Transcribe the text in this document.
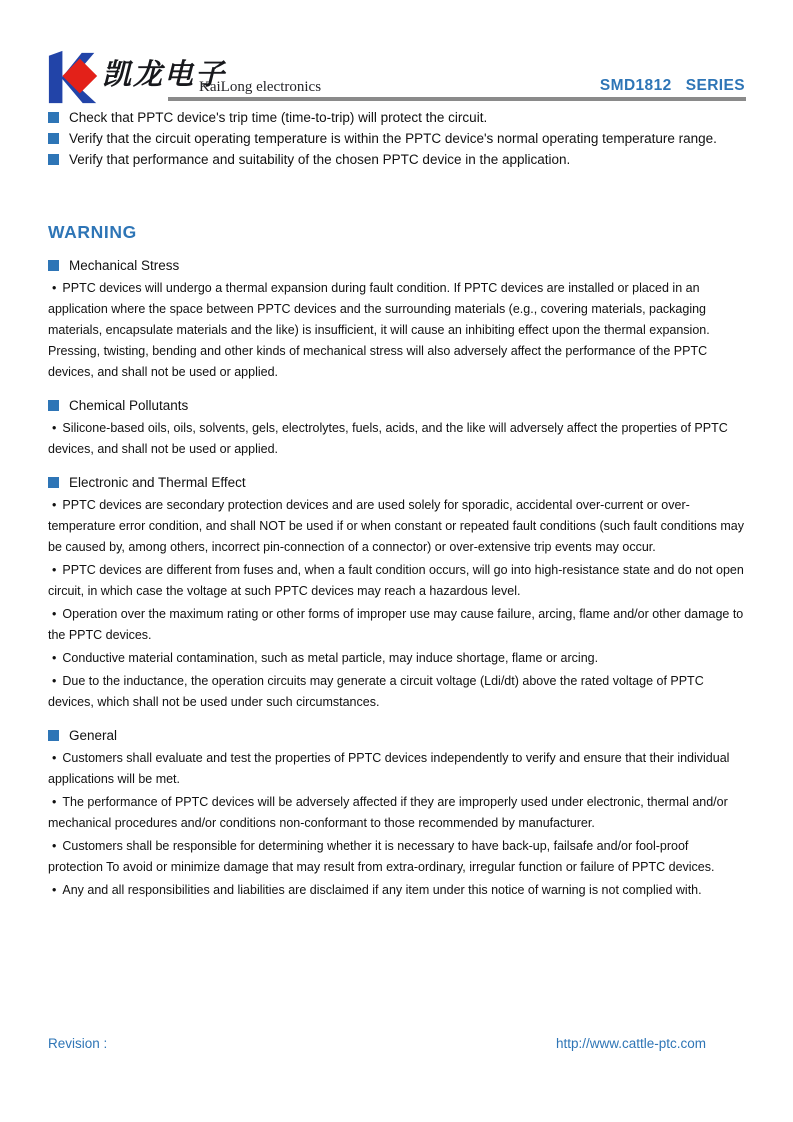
凯龙电子
KaiLong electronics	SMD1812   SERIES
Check that PPTC device's trip time (time-to-trip) will protect the circuit.
Verify that the circuit operating temperature is within the PPTC device's normal operating temperature range.
Verify that performance and suitability of the chosen PPTC device in the application.
WARNING
Mechanical Stress

• PPTC devices will undergo a thermal expansion during fault condition. If PPTC devices are installed or placed in an application where the space between PPTC devices and the surrounding materials (e.g., covering materials, packaging materials, encapsulate materials and the like) is insufficient, it will cause an inhibiting effect upon the thermal expansion. Pressing, twisting, bending and other kinds of mechanical stress will also adversely affect the performance of the PPTC devices, and shall not be used or applied.

Chemical Pollutants

• Silicone-based oils, oils, solvents, gels, electrolytes, fuels, acids, and the like will adversely affect the properties of PPTC devices, and shall not be used or applied.

Electronic and Thermal Effect

• PPTC devices are secondary protection devices and are used solely for sporadic, accidental over-current or over-temperature error condition, and shall NOT be used if or when constant or repeated fault conditions (such fault conditions may be caused by, among others, incorrect pin-connection of a connector) or over-extensive trip events may occur.

• PPTC devices are different from fuses and, when a fault condition occurs, will go into high-resistance state and do not open circuit, in which case the voltage at such PPTC devices may reach a hazardous level.

• Operation over the maximum rating or other forms of improper use may cause failure, arcing, flame and/or other damage to the PPTC devices.

• Conductive material contamination, such as metal particle, may induce shortage, flame or arcing.

• Due to the inductance, the operation circuits may generate a circuit voltage (Ldi/dt) above the rated voltage of PPTC devices, which shall not be used under such circumstances.

General

• Customers shall evaluate and test the properties of PPTC devices independently to verify and ensure that their individual applications will be met.

• The performance of PPTC devices will be adversely affected if they are improperly used under electronic, thermal and/or mechanical procedures and/or conditions non-conformant to those recommended by manufacturer.

• Customers shall be responsible for determining whether it is necessary to have back-up, failsafe and/or fool-proof protection To avoid or minimize damage that may result from extra-ordinary, irregular function or failure of PPTC devices.

• Any and all responsibilities and liabilities are disclaimed if any item under this notice of warning is not complied with.

Revision :	http://www.cattle-ptc.com
